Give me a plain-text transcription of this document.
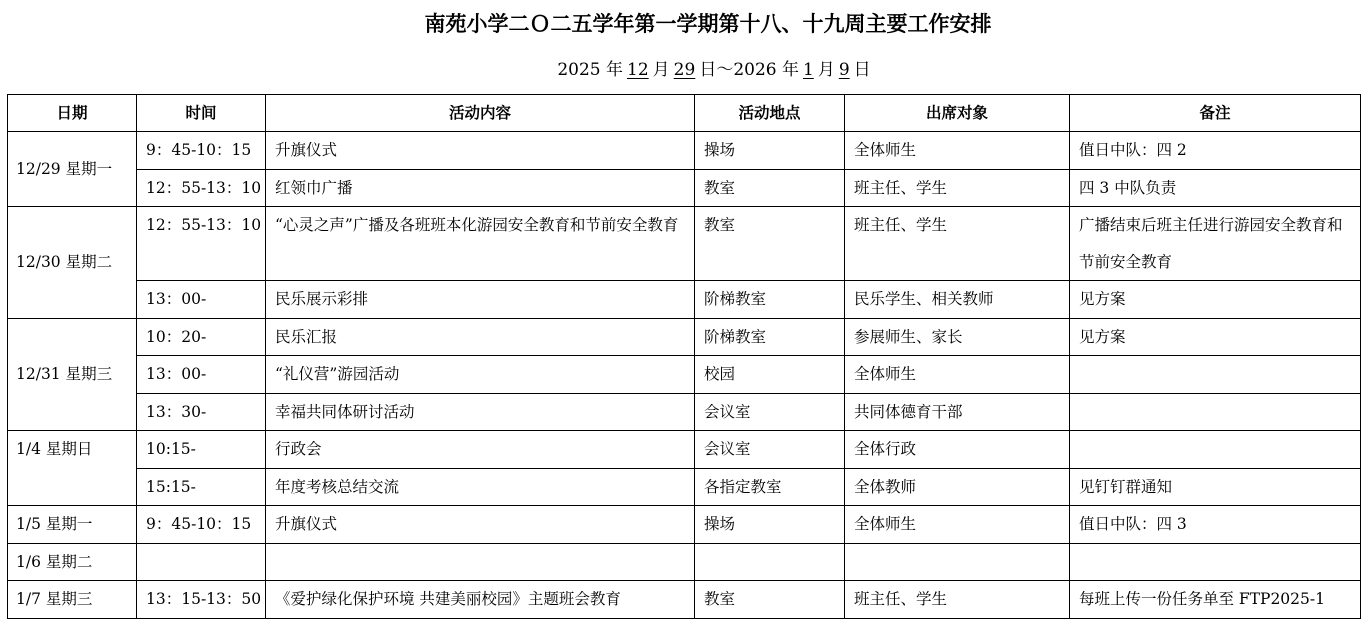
南苑小学二Ｏ二五学年第一学期第十八、十九周主要工作安排
2025 年 12 月 29 日～2026 年 1 月 9 日
日期	时间	活动内容	活动地点	出席对象	备注
12/29 星期一	9：45-10：15	升旗仪式	操场	全体师生	值日中队：四 2
	12：55-13：10	红领巾广播	教室	班主任、学生	四 3 中队负责
12/30 星期二	12：55-13：10	“心灵之声”广播及各班班本化游园安全教育和节前安全教育	教室	班主任、学生	广播结束后班主任进行游园安全教育和节前安全教育
	13：00-	民乐展示彩排	阶梯教室	民乐学生、相关教师	见方案
12/31 星期三	10：20-	民乐汇报	阶梯教室	参展师生、家长	见方案
	13：00-	“礼仪营”游园活动	校园	全体师生	
	13：30-	幸福共同体研讨活动	会议室	共同体德育干部	
1/4 星期日	10:15-	行政会	会议室	全体行政	
	15:15-	年度考核总结交流	各指定教室	全体教师	见钉钉群通知
1/5 星期一	9：45-10：15	升旗仪式	操场	全体师生	值日中队：四 3
1/6 星期二					
1/7 星期三	13：15-13：50	《爱护绿化保护环境 共建美丽校园》主题班会教育	教室	班主任、学生	每班上传一份任务单至 FTP2025-1
